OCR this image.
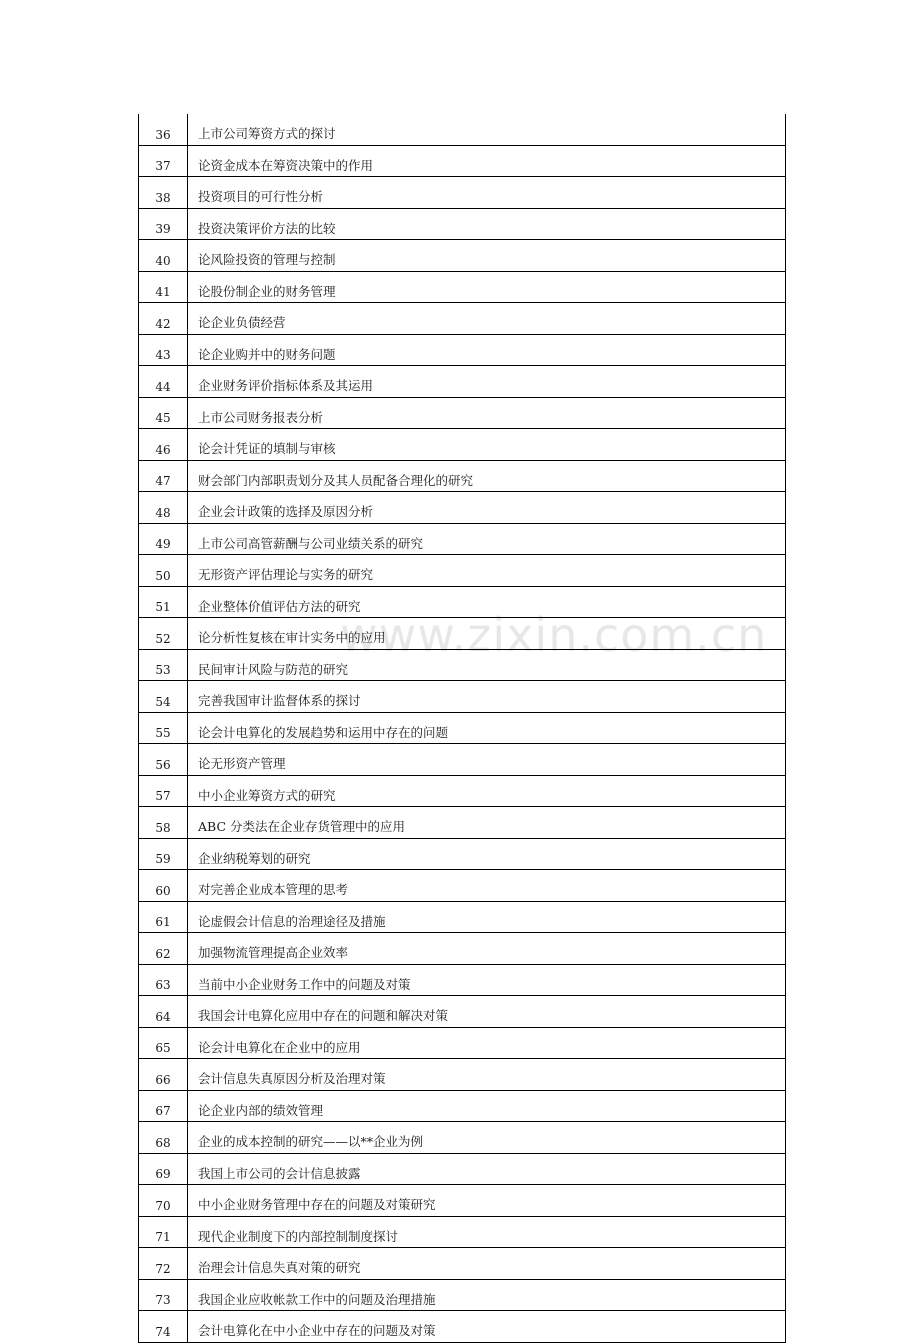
36	上市公司筹资方式的探讨
37	论资金成本在筹资决策中的作用
38	投资项目的可行性分析
39	投资决策评价方法的比较
40	论风险投资的管理与控制
41	论股份制企业的财务管理
42	论企业负债经营
43	论企业购并中的财务问题
44	企业财务评价指标体系及其运用
45	上市公司财务报表分析
46	论会计凭证的填制与审核
47	财会部门内部职责划分及其人员配备合理化的研究
48	企业会计政策的选择及原因分析
49	上市公司高管薪酬与公司业绩关系的研究
50	无形资产评估理论与实务的研究
51	企业整体价值评估方法的研究
52	论分析性复核在审计实务中的应用
53	民间审计风险与防范的研究
54	完善我国审计监督体系的探讨
55	论会计电算化的发展趋势和运用中存在的问题
56	论无形资产管理
57	中小企业筹资方式的研究
58	ABC 分类法在企业存货管理中的应用
59	企业纳税筹划的研究
60	对完善企业成本管理的思考
61	论虚假会计信息的治理途径及措施
62	加强物流管理提高企业效率
63	当前中小企业财务工作中的问题及对策
64	我国会计电算化应用中存在的问题和解决对策
65	论会计电算化在企业中的应用
66	会计信息失真原因分析及治理对策
67	论企业内部的绩效管理
68	企业的成本控制的研究——以**企业为例
69	我国上市公司的会计信息披露
70	中小企业财务管理中存在的问题及对策研究
71	现代企业制度下的内部控制制度探讨
72	治理会计信息失真对策的研究
73	我国企业应收帐款工作中的问题及治理措施
74	会计电算化在中小企业中存在的问题及对策
www.zixin.com.cn
